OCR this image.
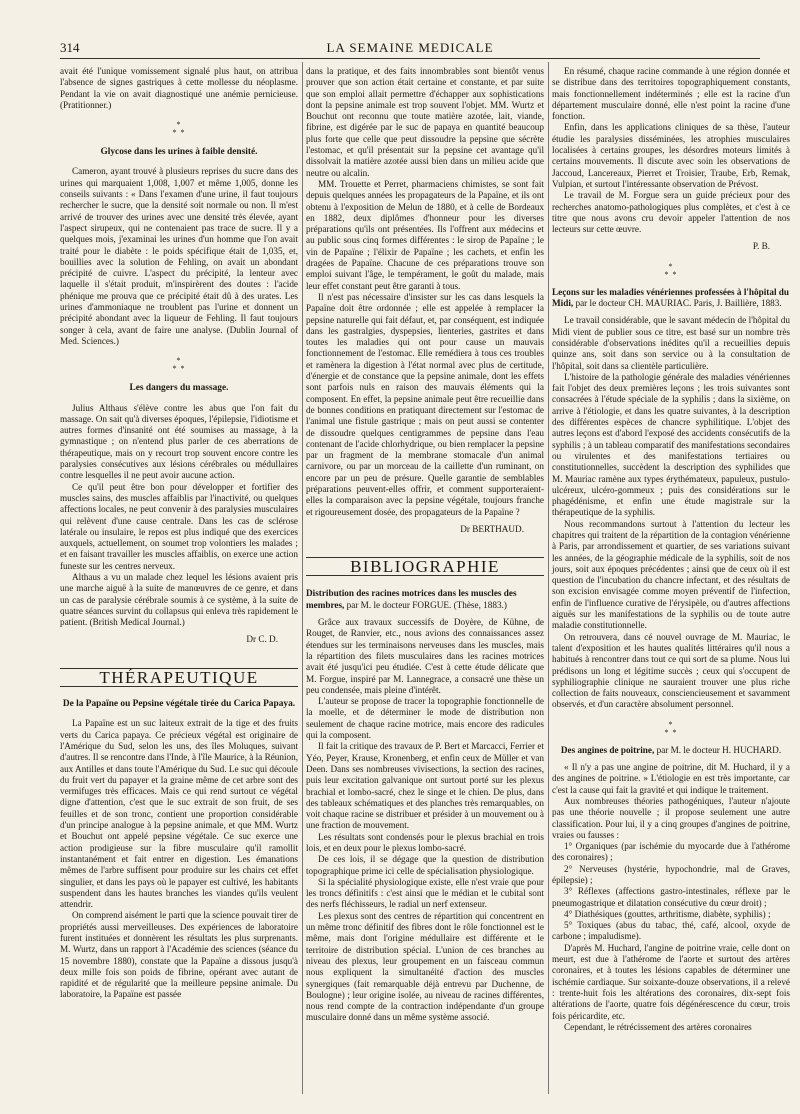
314	LA SEMAINE MEDICALE

avait été l'unique vomissement signalé plus haut, on attribua l'absence de signes gastriques à cette mollesse du néoplasme. Pendant la vie on avait diagnostiqué une anémie pernicieuse. (Pratitionner.)

*
* *
Glycose dans les urines à faible densité.

Cameron, ayant trouvé à plusieurs reprises du sucre dans des urines qui marquaient 1,008, 1,007 et même 1,005, donne les conseils suivants : « Dans l'examen d'une urine, il faut toujours rechercher le sucre, que la densité soit normale ou non. Il m'est arrivé de trouver des urines avec une densité très élevée, ayant l'aspect sirupeux, qui ne contenaient pas trace de sucre. Il y a quelques mois, j'examinai les urines d'un homme que l'on avait traité pour le diabète : le poids spécifique était de 1,035, et, bouillies avec la solution de Fehling, on avait un abondant précipité de cuivre. L'aspect du précipité, la lenteur avec laquelle il s'était produit, m'inspirèrent des doutes : l'acide phénique me prouva que ce précipité était dû à des urates. Les urines d'ammoniaque ne troublent pas l'urine et donnent un précipité abondant avec la liqueur de Fehling. Il faut toujours songer à cela, avant de faire une analyse. (Dublin Journal of Med. Sciences.)

*
* *
Les dangers du massage.

Julius Althaus s'élève contre les abus que l'on fait du massage. On sait qu'à diverses époques, l'épilepsie, l'idiotisme et autres formes d'insanité ont été soumises au massage, à la gymnastique ; on n'entend plus parler de ces aberrations de thérapeutique, mais on y recourt trop souvent encore contre les paralysies consécutives aux lésions cérébrales ou médullaires contre lesquelles il ne peut avoir aucune action.

Ce qu'il peut être bon pour développer et fortifier des muscles sains, des muscles affaiblis par l'inactivité, ou quelques affections locales, ne peut convenir à des paralysies musculaires qui relèvent d'une cause centrale. Dans les cas de sclérose latérale ou insulaire, le repos est plus indiqué que des exercices auxquels, actuellement, on soumet trop volontiers les malades ; et en faisant travailler les muscles affaiblis, on exerce une action funeste sur les centres nerveux.

Althaus a vu un malade chez lequel les lésions avaient pris une marche aiguë à la suite de manœuvres de ce genre, et dans un cas de paralysie cérébrale soumis à ce système, à la suite de quatre séances survint du collapsus qui enleva très rapidement le patient. (British Medical Journal.)

Dr C. D.
THÉRAPEUTIQUE
De la Papaïne ou Pepsine végétale tirée du Carica Papaya.

La Papaïne est un suc laiteux extrait de la tige et des fruits verts du Carica papaya. Ce précieux végétal est originaire de l'Amérique du Sud, selon les uns, des îles Moluques, suivant d'autres. Il se rencontre dans l'Inde, à l'île Maurice, à la Réunion, aux Antilles et dans toute l'Amérique du Sud. Le suc qui découle du fruit vert du papayer et la graine même de cet arbre sont des vermifuges très efficaces. Mais ce qui rend surtout ce végétal digne d'attention, c'est que le suc extrait de son fruit, de ses feuilles et de son tronc, contient une proportion considérable d'un principe analogue à la pepsine animale, et que MM. Wurtz et Bouchut ont appelé pepsine végétale. Ce suc exerce une action prodigieuse sur la fibre musculaire qu'il ramollit instantanément et fait entrer en digestion. Les émanations mêmes de l'arbre suffisent pour produire sur les chairs cet effet singulier, et dans les pays où le papayer est cultivé, les habitants suspendent dans les hautes branches les viandes qu'ils veulent attendrir.

On comprend aisément le parti que la science pouvait tirer de propriétés aussi merveilleuses. Des expériences de laboratoire furent instituées et donnèrent les résultats les plus surprenants. M. Wurtz, dans un rapport à l'Académie des sciences (séance du 15 novembre 1880), constate que la Papaïne a dissous jusqu'à deux mille fois son poids de fibrine, opérant avec autant de rapidité et de régularité que la meilleure pepsine animale. Du laboratoire, la Papaïne est passée

dans la pratique, et des faits innombrables sont bientôt venus prouver que son action était certaine et constante, et par suite que son emploi allait permettre d'échapper aux sophistications dont la pepsine animale est trop souvent l'objet. MM. Wurtz et Bouchut ont reconnu que toute matière azotée, lait, viande, fibrine, est digérée par le suc de papaya en quantité beaucoup plus forte que celle que peut dissoudre la pepsine que sécrète l'estomac, et qu'il présentait sur la pepsine cet avantage qu'il dissolvait la matière azotée aussi bien dans un milieu acide que neutre ou alcalin.

MM. Trouette et Perret, pharmaciens chimistes, se sont fait depuis quelques années les propagateurs de la Papaïne, et ils ont obtenu à l'exposition de Melun de 1880, et à celle de Bordeaux en 1882, deux diplômes d'honneur pour les diverses préparations qu'ils ont présentées. Ils l'offrent aux médecins et au public sous cinq formes différentes : le sirop de Papaïne ; le vin de Papaïne ; l'élixir de Papaïne ; les cachets, et enfin les dragées de Papaïne. Chacune de ces préparations trouve son emploi suivant l'âge, le tempérament, le goût du malade, mais leur effet constant peut être garanti à tous.

Il n'est pas nécessaire d'insister sur les cas dans lesquels la Papaïne doit être ordonnée ; elle est appelée à remplacer la pepsine naturelle qui fait défaut, et, par conséquent, est indiquée dans les gastralgies, dyspepsies, lienteries, gastrites et dans toutes les maladies qui ont pour cause un mauvais fonctionnement de l'estomac. Elle remédiera à tous ces troubles et ramènera la digestion à l'état normal avec plus de certitude, d'énergie et de constance que la pepsine animale, dont les effets sont parfois nuls en raison des mauvais éléments qui la composent. En effet, la pepsine animale peut être recueillie dans de bonnes conditions en pratiquant directement sur l'estomac de l'animal une fistule gastrique ; mais on peut aussi se contenter de dissoudre quelques centigrammes de pepsine dans l'eau contenant de l'acide chlorhydrique, ou bien remplacer la pepsine par un fragment de la membrane stomacale d'un animal carnivore, ou par un morceau de la caillette d'un ruminant, on encore par un peu de présure. Quelle garantie de semblables préparations peuvent-elles offrir, et comment supporteraient-elles la comparaison avec la pepsine végétale, toujours franche et rigoureusement dosée, des propagateurs de la Papaïne ?

Dr BERTHAUD.
BIBLIOGRAPHIE
Distribution des racines motrices dans les muscles des membres, par M. le docteur FORGUE. (Thèse, 1883.)

Grâce aux travaux successifs de Doyère, de Kühne, de Rouget, de Ranvier, etc., nous avions des connaissances assez étendues sur les terminaisons nerveuses dans les muscles, mais la répartition des filets musculaires dans les racines motrices avait été jusqu'ici peu étudiée. C'est à cette étude délicate que M. Forgue, inspiré par M. Lannegrace, a consacré une thèse un peu condensée, mais pleine d'intérêt.

L'auteur se propose de tracer la topographie fonctionnelle de la moelle, et de déterminer le mode de distribution non seulement de chaque racine motrice, mais encore des radicules qui la composent.

Il fait la critique des travaux de P. Bert et Marcacci, Ferrier et Yéo, Peyer, Krause, Kronenberg, et enfin ceux de Müller et van Deen. Dans ses nombreuses vivisections, la section des racines, puis leur excitation galvanique ont surtout porté sur les plexus brachial et lombo-sacré, chez le singe et le chien. De plus, dans des tableaux schématiques et des planches très remarquables, on voit chaque racine se distribuer et présider à un mouvement ou à une fraction de mouvement.

Les résultats sont condensés pour le plexus brachial en trois lois, et en deux pour le plexus lombo-sacré.

De ces lois, il se dégage que la question de distribution topographique prime ici celle de spécialisation physiologique.

Si la spécialité physiologique existe, elle n'est vraie que pour les troncs définitifs : c'est ainsi que le médian et le cubital sont des nerfs fléchisseurs, le radial un nerf extenseur.

Les plexus sont des centres de répartition qui concentrent en un même tronc définitif des fibres dont le rôle fonctionnel est le même, mais dont l'origine médullaire est différente et le territoire de distribution spécial. L'union de ces branches au niveau des plexus, leur groupement en un faisceau commun nous expliquent la simultanéité d'action des muscles synergiques (fait remarquable déjà entrevu par Duchenne, de Boulogne) ; leur origine isolée, au niveau de racines différentes, nous rend compte de la contraction indépendante d'un groupe musculaire donné dans un même système associé.

En résumé, chaque racine commande à une région donnée et se distribue dans des territoires topographiquement constants, mais fonctionnellement indéterminés ; elle est la racine d'un département musculaire donné, elle n'est point la racine d'une fonction.

Enfin, dans les applications cliniques de sa thèse, l'auteur étudie les paralysies disséminées, les atrophies musculaires localisées à certains groupes, les désordres moteurs limités à certains mouvements. Il discute avec soin les observations de Jaccoud, Lancereaux, Pierret et Troisier, Traube, Erb, Remak, Vulpian, et surtout l'intéressante observation de Prévost.

Le travail de M. Forgue sera un guide précieux pour des recherches anatomo-pathologiques plus complètes, et c'est à ce titre que nous avons cru devoir appeler l'attention de nos lecteurs sur cette œuvre.

P. B.
*
* *
Leçons sur les maladies vénériennes professées à l'hôpital du Midi, par le docteur CH. MAURIAC. Paris, J. Baillière, 1883.

Le travail considérable, que le savant médecin de l'hôpital du Midi vient de publier sous ce titre, est basé sur un nombre très considérable d'observations inédites qu'il a recueillies depuis quinze ans, soit dans son service ou à la consultation de l'hôpital, soit dans sa clientèle particulière.

L'histoire de la pathologie générale des maladies vénériennes fait l'objet des deux premières leçons ; les trois suivantes sont consacrées à l'étude spéciale de la syphilis ; dans la sixième, on arrive à l'étiologie, et dans les quatre suivantes, à la description des différentes espèces de chancre syphilitique. L'objet des autres leçons est d'abord l'exposé des accidents consécutifs de la syphilis ; à un tableau comparatif des manifestations secondaires ou virulentes et des manifestations tertiaires ou constitutionnelles, succèdent la description des syphilides que M. Mauriac ramène aux types érythémateux, papuleux, pustulo-ulcéreux, ulcéro-gommeux ; puis des considérations sur le phagédénisme, et enfin une étude magistrale sur la thérapeutique de la syphilis.

Nous recommandons surtout à l'attention du lecteur les chapitres qui traitent de la répartition de la contagion vénérienne à Paris, par arrondissement et quartier, de ses variations suivant les années, de la géographie médicale de la syphilis, soit de nos jours, soit aux époques précédentes ; ainsi que de ceux où il est question de l'incubation du chancre infectant, et des résultats de son excision envisagée comme moyen préventif de l'infection, enfin de l'influence curative de l'érysipèle, ou d'autres affections aiguës sur les manifestations de la syphilis ou de toute autre maladie constitutionnelle.

On retrouvera, dans cé nouvel ouvrage de M. Mauriac, le talent d'exposition et les hautes qualités littéraires qu'il nous a habitués à rencontrer dans tout ce qui sort de sa plume. Nous lui prédisons un long et légitime succès ; ceux qui s'occupent de syphiliographie clinique ne sauraient trouver une plus riche collection de faits nouveaux, consciencieusement et savamment observés, et d'un caractère absolument personnel.

*
* *
Des angines de poitrine, par M. le docteur H. HUCHARD.

« Il n'y a pas une angine de poitrine, dit M. Huchard, il y a des angines de poitrine. » L'étiologie en est très importante, car c'est la cause qui fait la gravité et qui indique le traitement.

Aux nombreuses théories pathogéniques, l'auteur n'ajoute pas une théorie nouvelle ; il propose seulement une autre classification. Pour lui, il y a cinq groupes d'angines de poitrine, vraies ou fausses :

1° Organiques (par ischémie du myocarde due à l'athérome des coronaires) ;

2° Nerveuses (hystérie, hypochondrie, mal de Graves, épilepsie) ;

3° Réflexes (affections gastro-intestinales, réflexe par le pneumogastrique et dilatation consécutive du cœur droit) ;

4° Diathésiques (gouttes, arthritisme, diabète, syphilis) ;

5° Toxiques (abus du tabac, thé, café, alcool, oxyde de carbone ; impaludisme).

D'après M. Huchard, l'angine de poitrine vraie, celle dont on meurt, est due à l'athérome de l'aorte et surtout des artères coronaires, et à toutes les lésions capables de déterminer une ischémie cardiaque. Sur soixante-douze observations, il a relevé : trente-huit fois les altérations des coronaires, dix-sept fois altérations de l'aorte, quatre fois dégénérescence du cœur, trois fois péricardite, etc.

Cependant, le rétrécissement des artères coronaires
